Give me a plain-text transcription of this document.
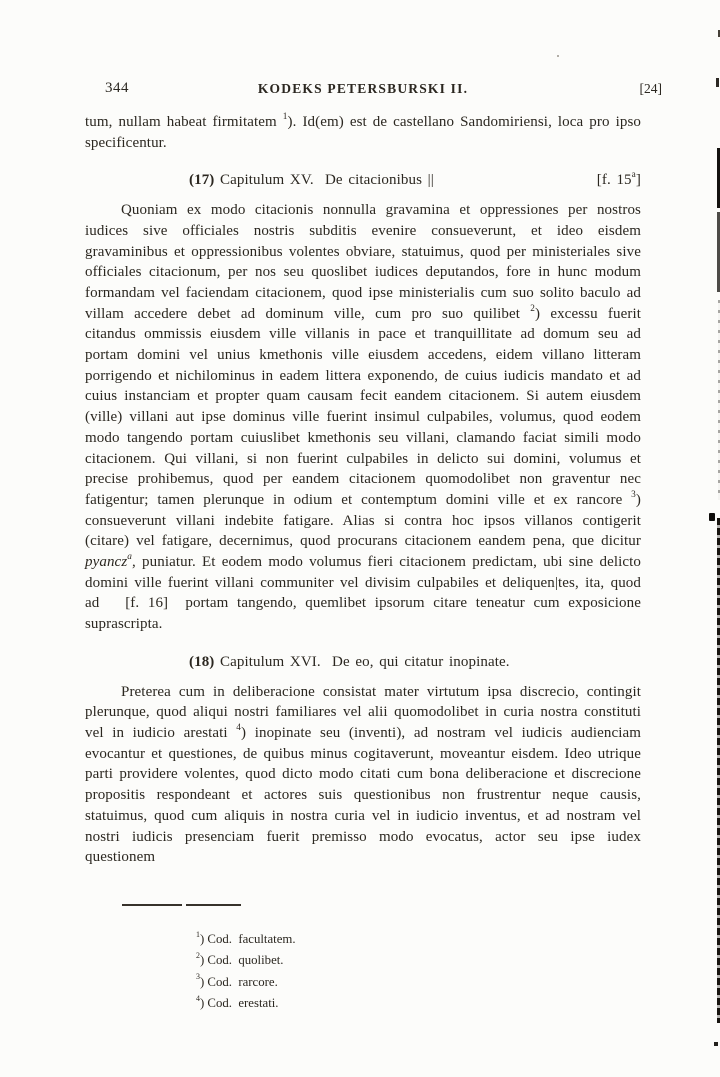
344	KODEKS PETERSBURSKI II.	[24]

tum, nullam habeat firmitatem $^1$). Id(em) est de castellano Sandomiriensi, loca pro ipso specificentur.

(17) Capitulum XV.  De citacionibus ||	[f. 15$^a$]

Quoniam ex modo citacionis nonnulla gravamina et oppressiones per nostros iudices sive officiales nostris subditis evenire consueverunt, et ideo eisdem gravaminibus et oppressionibus volentes obviare, statuimus, quod per ministeriales sive officiales citacionum, per nos seu quoslibet iudices deputandos, fore in hunc modum formandam vel faciendam citacionem, quod ipse ministerialis cum suo solito baculo ad villam accedere debet ad dominum ville, cum pro suo quilibet $^2$) excessu fuerit citandus ommissis eiusdem ville villanis in pace et tranquillitate ad domum seu ad portam domini vel unius kmethonis ville eiusdem accedens, eidem villano litteram porrigendo et nichilominus in eadem littera exponendo, de cuius iudicis mandato et ad cuius instanciam et propter quam causam fecit eandem citacionem. Si autem eiusdem (ville) villani aut ipse dominus ville fuerint insimul culpabiles, volumus, quod eodem modo tangendo portam cuiuslibet kmethonis seu villani, clamando faciat simili modo citacionem. Qui villani, si non fuerint culpabiles in delicto sui domini, volumus et precise prohibemus, quod per eandem citacionem quomodolibet non graventur nec fatigentur; tamen plerunque in odium et contemptum domini ville et ex rancore $^3$) consueverunt villani indebite fatigare. Alias si contra hoc ipsos villanos contigerit (citare) vel fatigare, decernimus, quod procurans citacionem eandem pena, que dicitur pyancz$^a$, puniatur. Et eodem modo volumus fieri citacionem predictam, ubi sine delicto domini ville fuerint villani communiter vel divisim culpabiles et deliquen|tes, ita, quod ad   [f. 16]  portam tangendo, quemlibet ipsorum citare teneatur cum exposicione suprascripta.

(18) Capitulum XVI.  De eo, qui citatur inopinate.

Preterea cum in deliberacione consistat mater virtutum ipsa discrecio, contingit plerunque, quod aliqui nostri familiares vel alii quomodolibet in curia nostra constituti vel in iudicio arestati $^4$) inopinate seu (inventi), ad nostram vel iudicis audienciam evocantur et questiones, de quibus minus cogitaverunt, moveantur eisdem. Ideo utrique parti providere volentes, quod dicto modo citati cum bona deliberacione et discrecione propositis respondeant et actores suis questionibus non frustrentur neque causis, statuimus, quod cum aliquis in nostra curia vel in iudicio inventus, et ad nostram vel nostri iudicis presenciam fuerit premisso modo evocatus, actor seu ipse iudex questionem

$^1$) Cod.  facultatem.
$^2$) Cod.  quolibet.
$^3$) Cod.  rarcore.
$^4$) Cod.  erestati.
